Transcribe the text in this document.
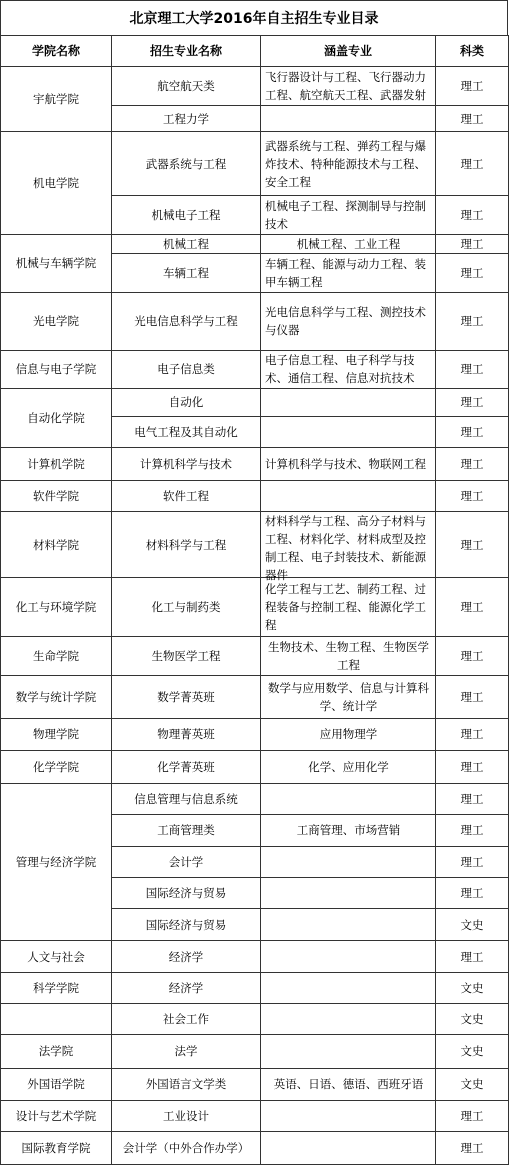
北京理工大学2016年自主招生专业目录
学院名称	招生专业名称	涵盖专业	科类
宇航学院	航空航天类	飞行器设计与工程、飞行器动力工程、航空航天工程、武器发射	理工
	工程力学		理工
机电学院	武器系统与工程	武器系统与工程、弹药工程与爆炸技术、特种能源技术与工程、安全工程	理工
	机械电子工程	机械电子工程、探测制导与控制技术	理工
机械与车辆学院	机械工程	机械工程、工业工程	理工
	车辆工程	车辆工程、能源与动力工程、装甲车辆工程	理工
光电学院	光电信息科学与工程	光电信息科学与工程、测控技术与仪器	理工
信息与电子学院	电子信息类	电子信息工程、电子科学与技术、通信工程、信息对抗技术	理工
自动化学院	自动化		理工
	电气工程及其自动化		理工
计算机学院	计算机科学与技术	计算机科学与技术、物联网工程	理工
软件学院	软件工程		理工
材料学院	材料科学与工程	材料科学与工程、高分子材料与工程、材料化学、材料成型及控制工程、电子封装技术、新能源器件	理工
化工与环境学院	化工与制药类	化学工程与工艺、制药工程、过程装备与控制工程、能源化学工程	理工
生命学院	生物医学工程	生物技术、生物工程、生物医学工程	理工
数学与统计学院	数学菁英班	数学与应用数学、信息与计算科学、统计学	理工
物理学院	物理菁英班	应用物理学	理工
化学学院	化学菁英班	化学、应用化学	理工
管理与经济学院	信息管理与信息系统		理工
	工商管理类	工商管理、市场营销	理工
	会计学		理工
	国际经济与贸易		理工
	国际经济与贸易		文史
人文与社会	经济学		理工
科学学院	经济学		文史
	社会工作		文史
法学院	法学		文史
外国语学院	外国语言文学类	英语、日语、德语、西班牙语	文史
设计与艺术学院	工业设计		理工
国际教育学院	会计学（中外合作办学）		理工
